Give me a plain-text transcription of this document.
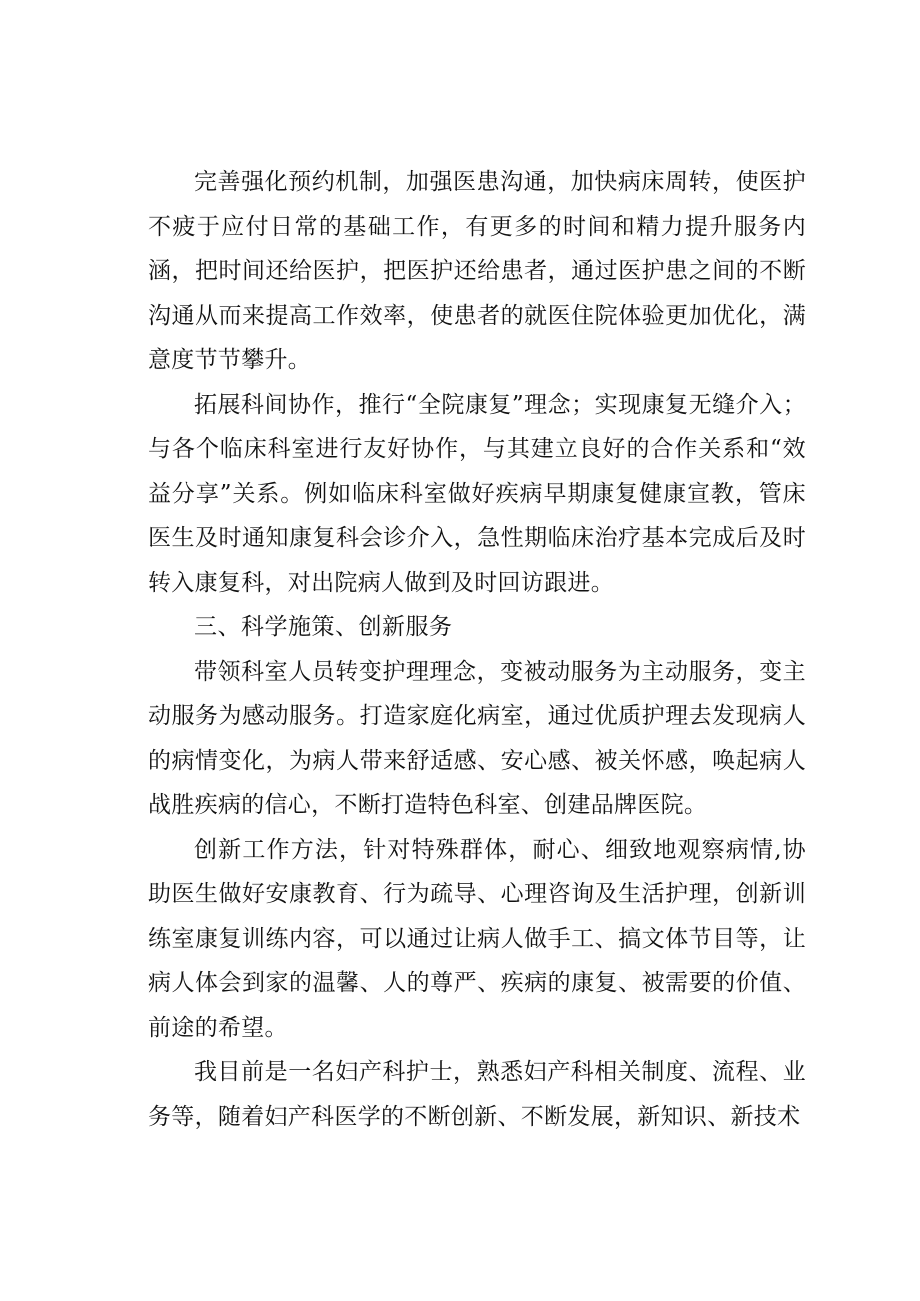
完善强化预约机制，加强医患沟通，加快病床周转，使医护不疲于应付日常的基础工作，有更多的时间和精力提升服务内涵，把时间还给医护，把医护还给患者，通过医护患之间的不断沟通从而来提高工作效率，使患者的就医住院体验更加优化，满意度节节攀升。

拓展科间协作，推行“全院康复”理念；实现康复无缝介入；与各个临床科室进行友好协作，与其建立良好的合作关系和“效益分享”关系。例如临床科室做好疾病早期康复健康宣教，管床医生及时通知康复科会诊介入，急性期临床治疗基本完成后及时转入康复科，对出院病人做到及时回访跟进。

三、科学施策、创新服务

带领科室人员转变护理理念，变被动服务为主动服务，变主动服务为感动服务。打造家庭化病室，通过优质护理去发现病人的病情变化，为病人带来舒适感、安心感、被关怀感，唤起病人战胜疾病的信心，不断打造特色科室、创建品牌医院。

创新工作方法，针对特殊群体，耐心、细致地观察病情,协助医生做好安康教育、行为疏导、心理咨询及生活护理，创新训练室康复训练内容，可以通过让病人做手工、搞文体节目等，让病人体会到家的温馨、人的尊严、疾病的康复、被需要的价值、前途的希望。

我目前是一名妇产科护士，熟悉妇产科相关制度、流程、业务等，随着妇产科医学的不断创新、不断发展，新知识、新技术
